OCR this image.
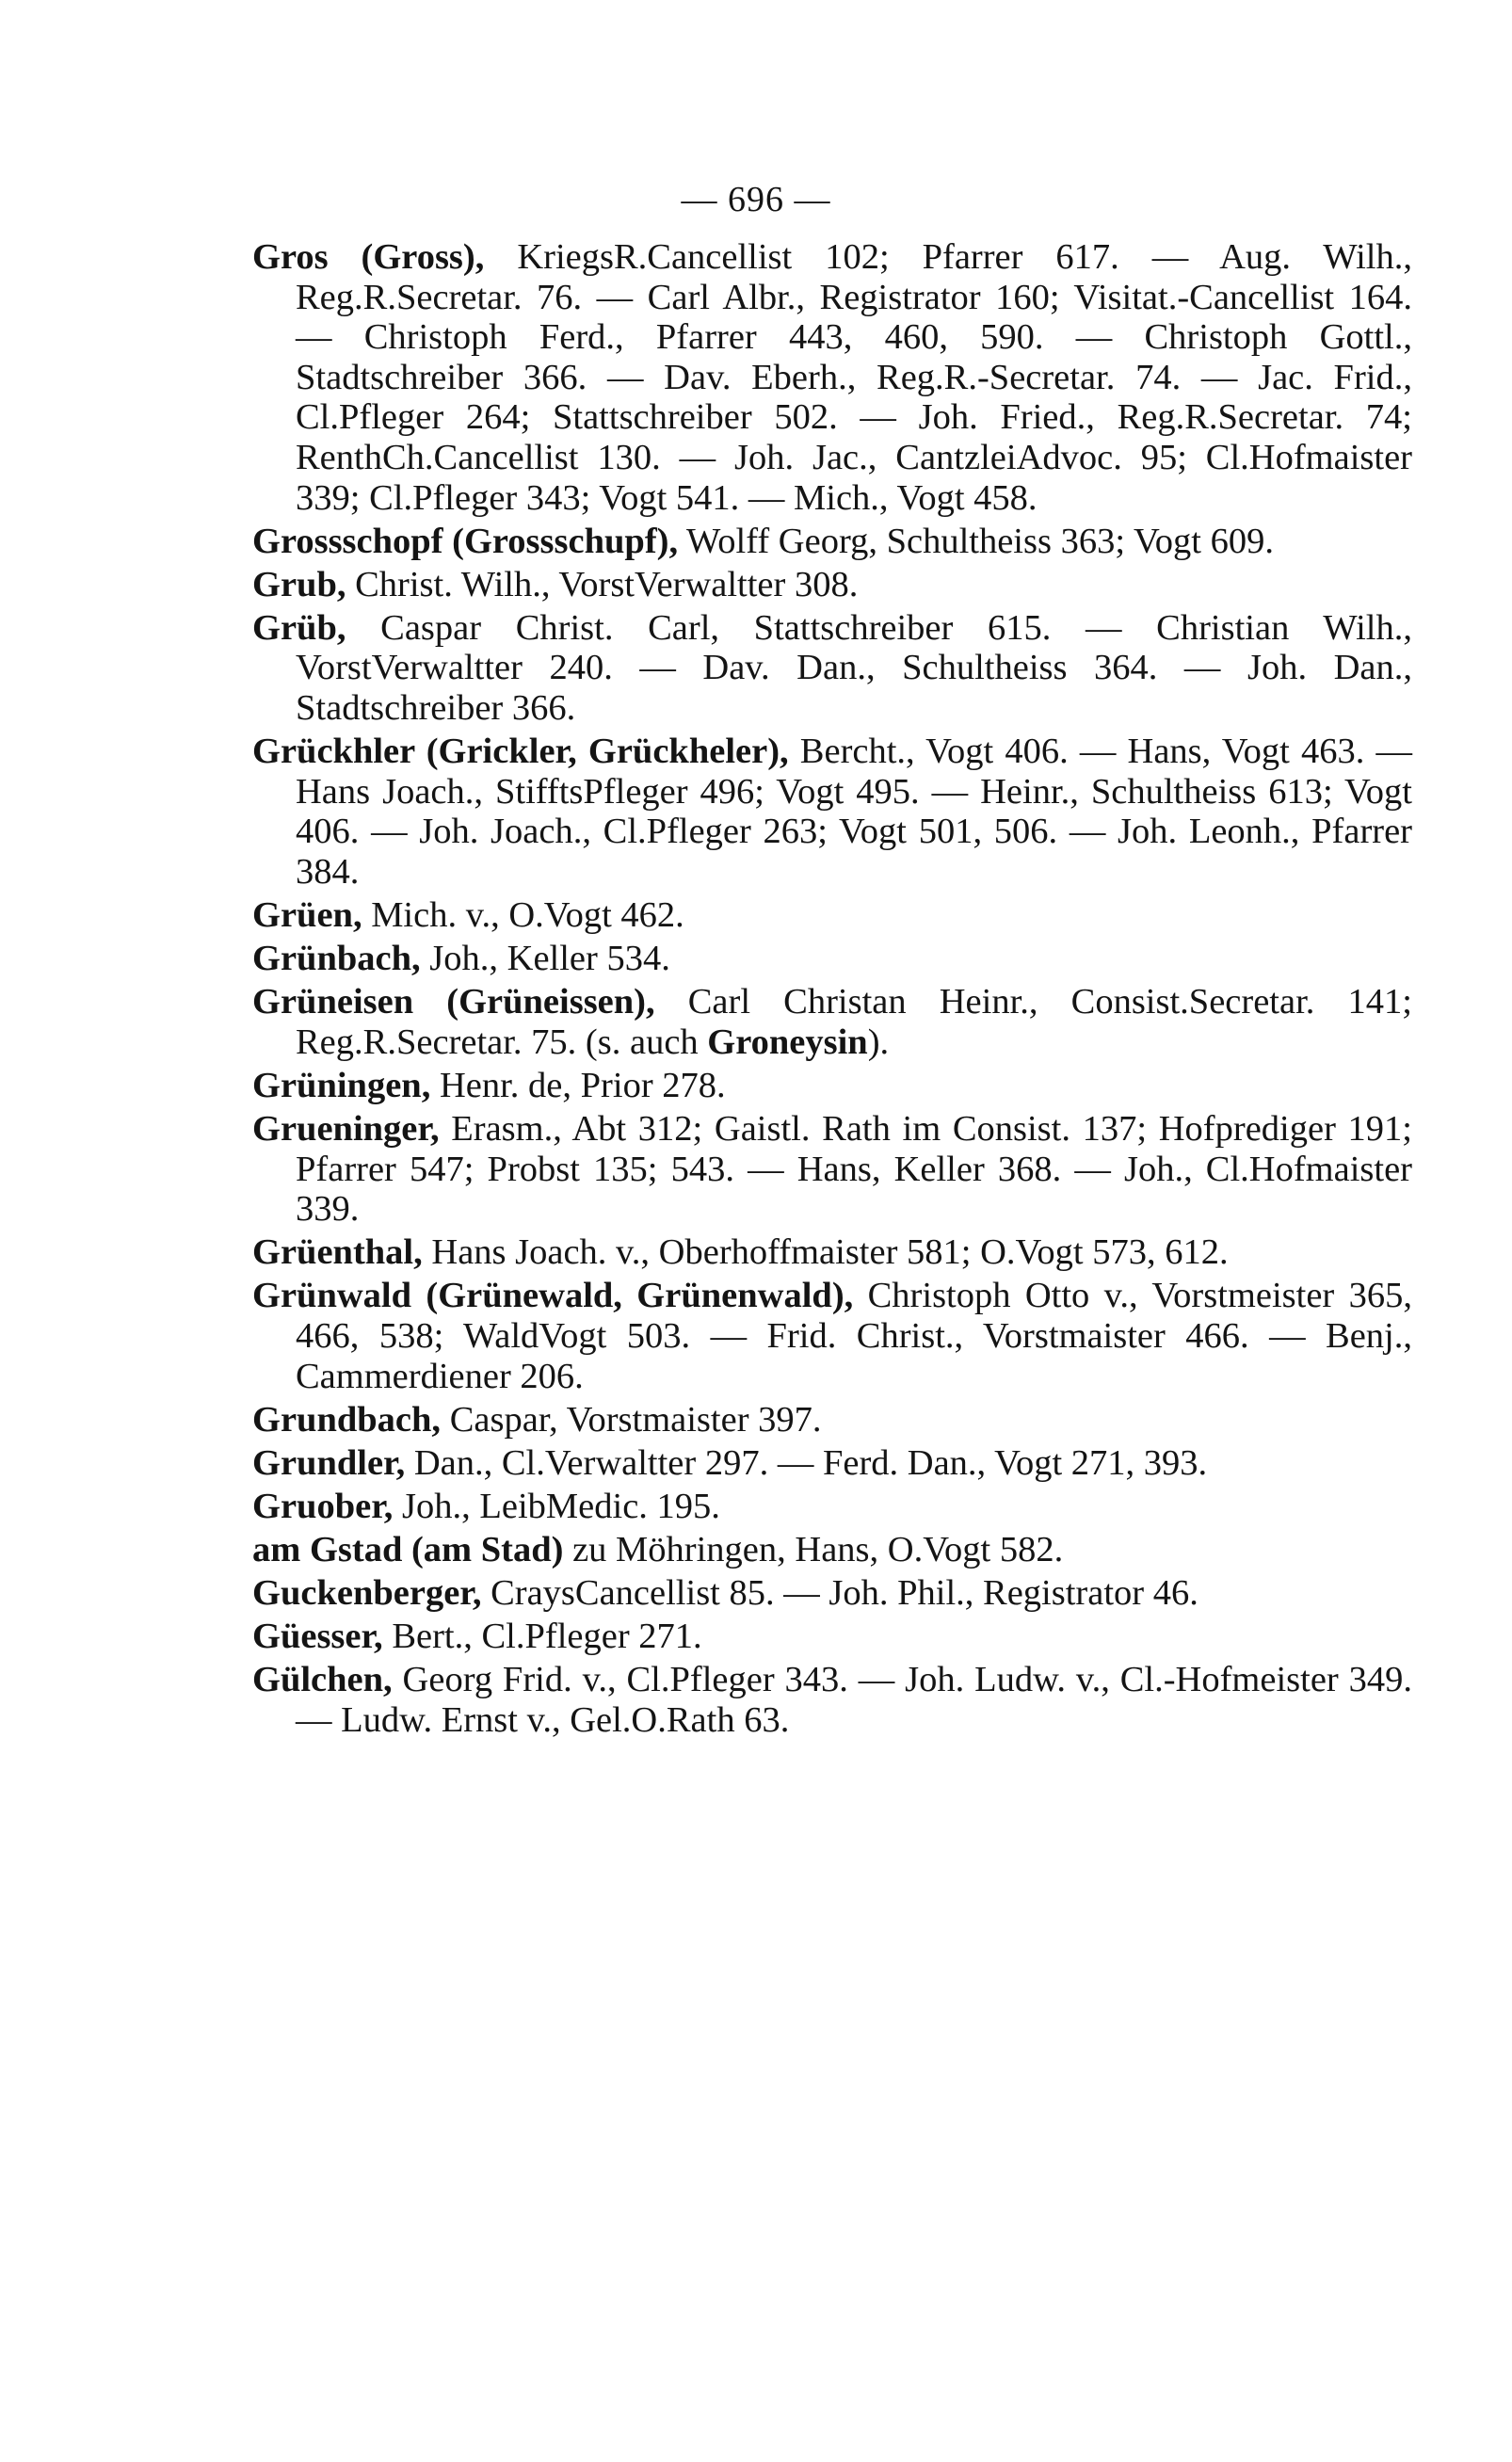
— 696 —

Gros (Gross), KriegsR.Cancellist 102; Pfarrer 617. — Aug. Wilh., Reg.R.Secretar. 76. — Carl Albr., Registrator 160; Visitat.-Cancellist 164. — Christoph Ferd., Pfarrer 443, 460, 590. — Christoph Gottl., Stadtschreiber 366. — Dav. Eberh., Reg.R.-Secretar. 74. — Jac. Frid., Cl.Pfleger 264; Stattschreiber 502. — Joh. Fried., Reg.R.Secretar. 74; RenthCh.Cancellist 130. — Joh. Jac., CantzleiAdvoc. 95; Cl.Hofmaister 339; Cl.Pfleger 343; Vogt 541. — Mich., Vogt 458.

Grossschopf (Grossschupf), Wolff Georg, Schultheiss 363; Vogt 609.

Grub, Christ. Wilh., VorstVerwaltter 308.

Grüb, Caspar Christ. Carl, Stattschreiber 615. — Christian Wilh., VorstVerwaltter 240. — Dav. Dan., Schultheiss 364. — Joh. Dan., Stadtschreiber 366.

Grückhler (Grickler, Grückheler), Bercht., Vogt 406. — Hans, Vogt 463. — Hans Joach., StifftsPfleger 496; Vogt 495. — Heinr., Schultheiss 613; Vogt 406. — Joh. Joach., Cl.Pfleger 263; Vogt 501, 506. — Joh. Leonh., Pfarrer 384.

Grüen, Mich. v., O.Vogt 462.

Grünbach, Joh., Keller 534.

Grüneisen (Grüneissen), Carl Christan Heinr., Consist.Secretar. 141; Reg.R.Secretar. 75. (s. auch Groneysin).

Grüningen, Henr. de, Prior 278.

Grueninger, Erasm., Abt 312; Gaistl. Rath im Consist. 137; Hofprediger 191; Pfarrer 547; Probst 135; 543. — Hans, Keller 368. — Joh., Cl.Hofmaister 339.

Grüenthal, Hans Joach. v., Oberhoffmaister 581; O.Vogt 573, 612.

Grünwald (Grünewald, Grünenwald), Christoph Otto v., Vorstmeister 365, 466, 538; WaldVogt 503. — Frid. Christ., Vorstmaister 466. — Benj., Cammerdiener 206.

Grundbach, Caspar, Vorstmaister 397.

Grundler, Dan., Cl.Verwaltter 297. — Ferd. Dan., Vogt 271, 393.

Gruober, Joh., LeibMedic. 195.

am Gstad (am Stad) zu Möhringen, Hans, O.Vogt 582.

Guckenberger, CraysCancellist 85. — Joh. Phil., Registrator 46.

Güesser, Bert., Cl.Pfleger 271.

Gülchen, Georg Frid. v., Cl.Pfleger 343. — Joh. Ludw. v., Cl.-Hofmeister 349. — Ludw. Ernst v., Gel.O.Rath 63.
